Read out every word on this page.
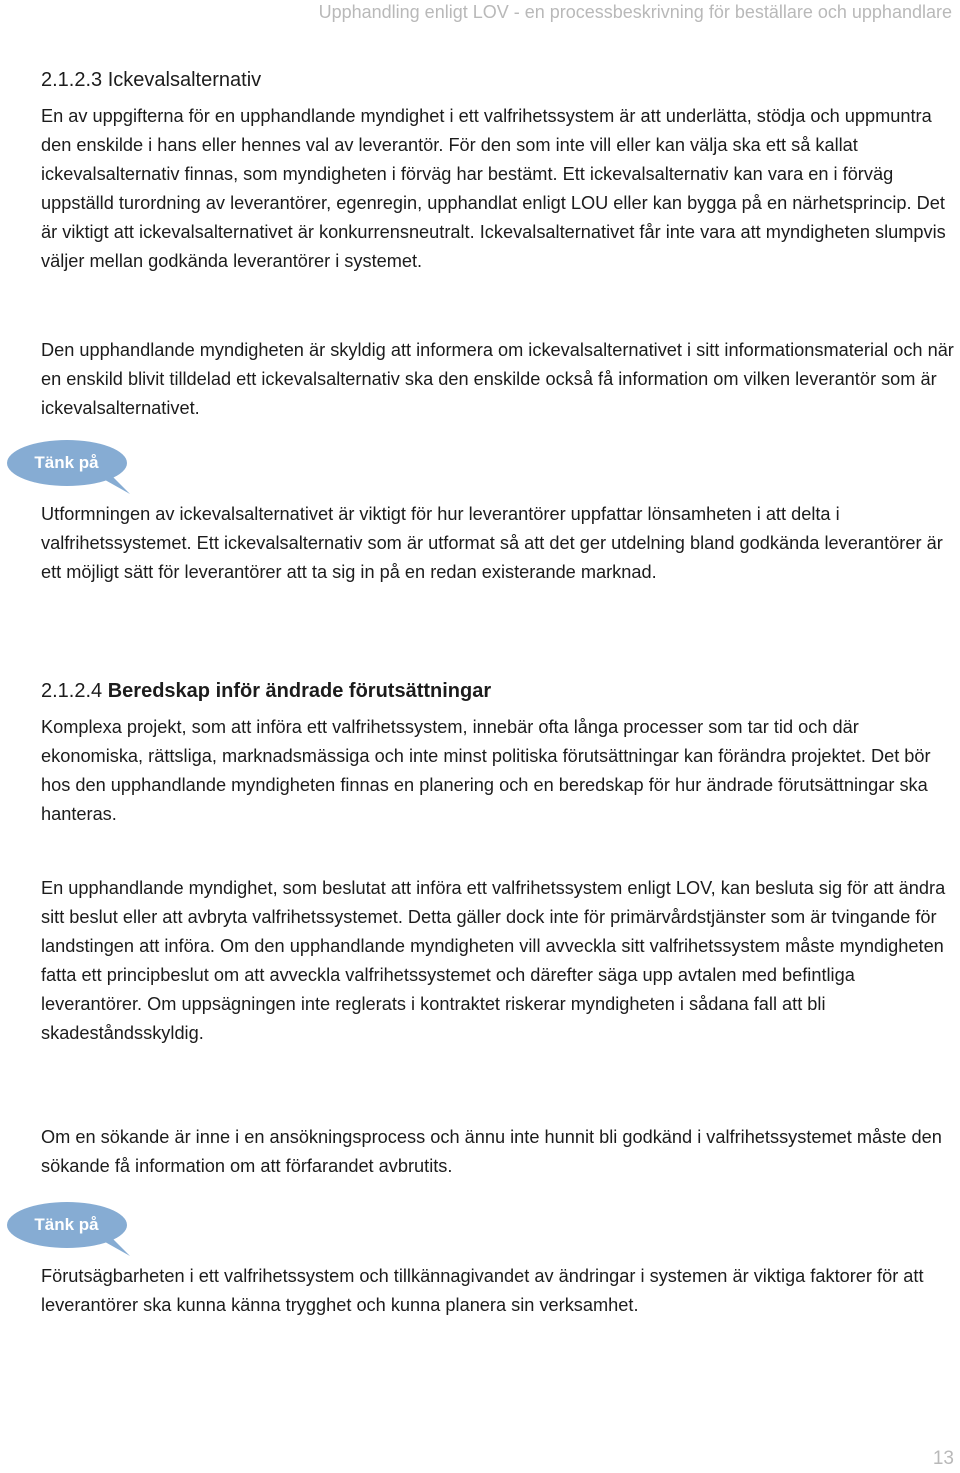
Upphandling enligt LOV - en processbeskrivning för beställare och upphandlare
2.1.2.3 Ickevalsalternativ

En av uppgifterna för en upphandlande myndighet i ett valfrihetssystem är att underlätta, stödja och uppmuntra den enskilde i hans eller hennes val av leverantör. För den som inte vill eller kan välja ska ett så kallat ickevalsalternativ finnas, som myndigheten i förväg har bestämt. Ett ickevalsalternativ kan vara en i förväg uppställd turordning av leverantörer, egenregin, upphandlat enligt LOU eller kan bygga på en närhetsprincip. Det är viktigt att ickevalsalternativet är konkurrensneutralt. Ickevalsalternativet får inte vara att myndigheten slumpvis väljer mellan godkända leverantörer i systemet.

Den upphandlande myndigheten är skyldig att informera om ickevalsalternativet i sitt informationsmaterial och när en enskild blivit tilldelad ett ickevalsalternativ ska den enskilde också få information om vilken leverantör som är ickevalsalternativet.

Tänk på

Utformningen av ickevalsalternativet är viktigt för hur leverantörer uppfattar lönsamheten i att delta i valfrihetssystemet. Ett ickevalsalternativ som är utformat så att det ger utdelning bland godkända leverantörer är ett möjligt sätt för leverantörer att ta sig in på en redan existerande marknad.

2.1.2.4 Beredskap inför ändrade förutsättningar

Komplexa projekt, som att införa ett valfrihetssystem, innebär ofta långa processer som tar tid och där ekonomiska, rättsliga, marknadsmässiga och inte minst politiska förutsättningar kan förändra projektet. Det bör hos den upphandlande myndigheten finnas en planering och en beredskap för hur ändrade förutsättningar ska hanteras.

En upphandlande myndighet, som beslutat att införa ett valfrihetssystem enligt LOV, kan besluta sig för att ändra sitt beslut eller att avbryta valfrihetssystemet. Detta gäller dock inte för primärvårdstjänster som är tvingande för landstingen att införa. Om den upphandlande myndigheten vill avveckla sitt valfrihetssystem måste myndigheten fatta ett principbeslut om att avveckla valfrihetssystemet och därefter säga upp avtalen med befintliga leverantörer. Om uppsägningen inte reglerats i kontraktet riskerar myndigheten i sådana fall att bli skadeståndsskyldig.

Om en sökande är inne i en ansökningsprocess och ännu inte hunnit bli godkänd i valfrihetssystemet måste den sökande få information om att förfarandet avbrutits.

Tänk på

Förutsägbarheten i ett valfrihetssystem och tillkännagivandet av ändringar i systemen är viktiga faktorer för att leverantörer ska kunna känna trygghet och kunna planera sin verksamhet.

13
